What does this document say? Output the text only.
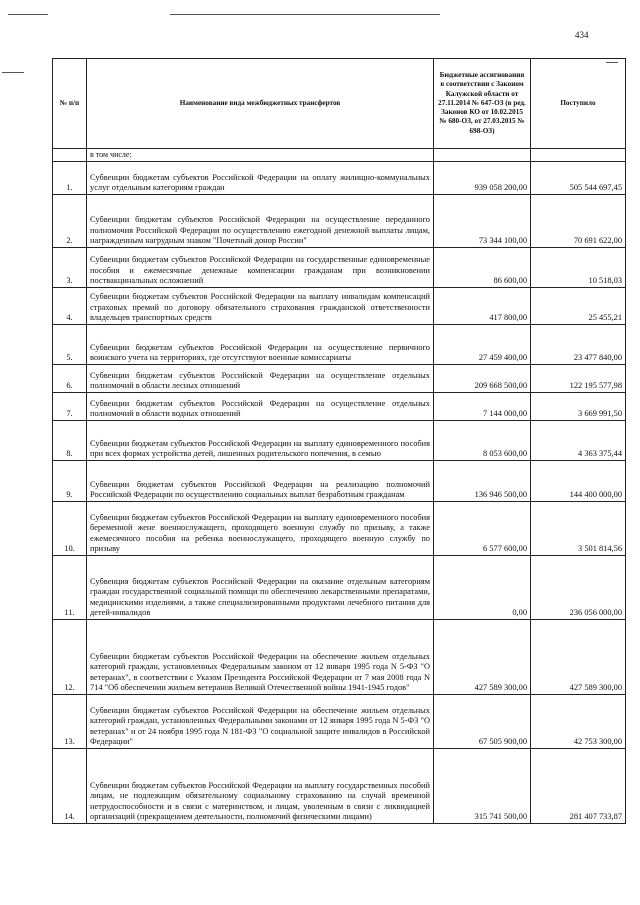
434
№ п/п	Наименование вида межбюджетных трансфертов	Бюджетные ассигнования в соответствии с Законом Калужской области от 27.11.2014 № 647-ОЗ (в ред. Законов КО от 10.02.2015 № 680-ОЗ, от 27.03.2015 № 698-ОЗ)	Поступило
	в том числе:		
1.	Субвенции бюджетам субъектов Российской Федерации на оплату жилищно-коммунальных услуг отдельным категориям граждан	939 058 200,00	505 544 697,45
2.	Субвенции бюджетам субъектов Российской Федерации на осуществление переданного полномочия Российской Федерации по осуществлению ежегодной денежной выплаты лицам, награжденным нагрудным знаком "Почетный донор России"	73 344 100,00	70 691 622,00
3.	Субвенции бюджетам субъектов Российской Федерации на государственные единовременные пособия и ежемесячные денежные компенсации гражданам при возникновении поствакцинальных осложнений	86 600,00	10 518,03
4.	Субвенции бюджетам субъектов Российской Федерации на выплату инвалидам компенсаций страховых премий по договору обязательного страхования гражданской ответственности владельцев транспортных средств	417 800,00	25 455,21
5.	Субвенции бюджетам субъектов Российской Федерации на осуществление первичного воинского учета на территориях, где отсутствуют военные комиссариаты	27 459 400,00	23 477 840,00
6.	Субвенции бюджетам субъектов Российской Федерации на осуществление отдельных полномочий в области лесных отношений	209 668 500,00	122 195 577,98
7.	Субвенции бюджетам субъектов Российской Федерации на осуществление отдельных полномочий в области водных отношений	7 144 000,00	3 669 991,50
8.	Субвенции бюджетам субъектов Российской Федерации на выплату единовременного пособия при всех формах устройства детей, лишенных родительского попечения, в семью	8 053 600,00	4 363 375,44
9.	Субвенции бюджетам субъектов Российской Федерации на реализацию полномочий Российской Федерации по осуществлению социальных выплат безработным гражданам	136 946 500,00	144 400 000,00
10.	Субвенции бюджетам субъектов Российской Федерации на выплату единовременного пособия беременной жене военнослужащего, проходящего военную службу по призыву, а также ежемесячного пособия на ребенка военнослужащего, проходящего военную службу по призыву	6 577 600,00	3 501 814,56
11.	Субвенция бюджетам субъектов Российской Федерации на оказание отдельным категориям граждан государственной социальной помощи по обеспечению лекарственными препаратами, медицинскими изделиями, а также специализированными продуктами лечебного питания для детей-инвалидов	0,00	236 056 000,00
12.	Субвенции бюджетам субъектов Российской Федерации на обеспечение жильем отдельных категорий граждан, установленных Федеральным законом от 12 января 1995 года N 5-ФЗ "О ветеранах", в соответствии с Указом Президента Российской Федерации от 7 мая 2008 года N 714 "Об обеспечении жильем ветеранов Великой Отечественной войны 1941-1945 годов"	427 589 300,00	427 589 300,00
13.	Субвенции бюджетам субъектов Российской Федерации на обеспечение жильем отдельных категорий граждан, установленных Федеральными законами от 12 января 1995 года N 5-ФЗ "О ветеранах" и от 24 ноября 1995 года N 181-ФЗ "О социальной защите инвалидов в Российской Федерации"	67 505 900,00	42 753 300,00
14.	Субвенции бюджетам субъектов Российской Федерации на выплату государственных пособий лицам, не подлежащим обязательному социальному страхованию на случай временной нетрудоспособности и в связи с материнством, и лицам, уволенным в связи с ликвидацией организаций (прекращением деятельности, полномочий физическими лицами)	315 741 500,00	281 407 733,87
